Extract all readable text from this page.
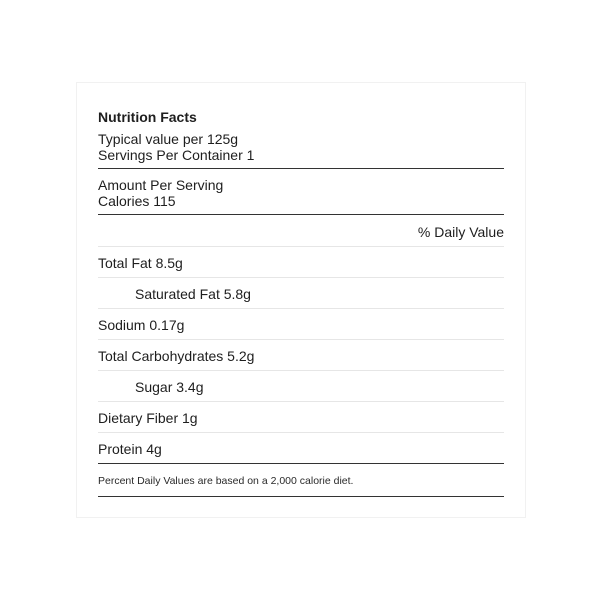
Nutrition Facts
Typical value per 125g
Servings Per Container 1
Amount Per Serving
Calories 115
% Daily Value
Total Fat 8.5g
Saturated Fat 5.8g
Sodium 0.17g
Total Carbohydrates 5.2g
Sugar 3.4g
Dietary Fiber 1g
Protein 4g
Percent Daily Values are based on a 2,000 calorie diet.
